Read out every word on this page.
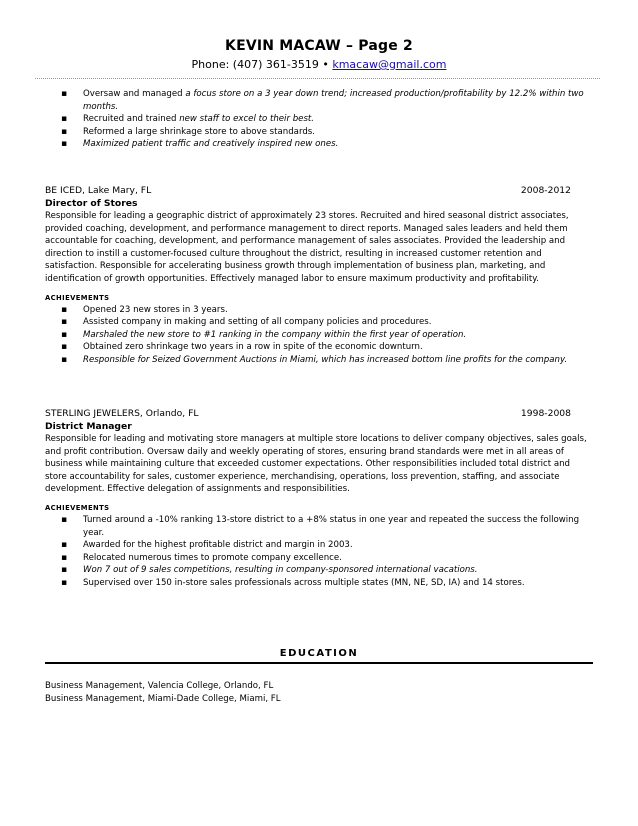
KEVIN MACAW – Page 2
Phone: (407) 361-3519 • kmacaw@gmail.com
▪ Oversaw and managed a focus store on a 3 year down trend; increased production/profitability by 12.2% within two months.
▪ Recruited and trained new staff to excel to their best.
▪ Reformed a large shrinkage store to above standards.
▪ Maximized patient traffic and creatively inspired new ones.
BE ICED, Lake Mary, FL	2008-2012
Director of Stores
Responsible for leading a geographic district of approximately 23 stores. Recruited and hired seasonal district associates, provided coaching, development, and performance management to direct reports. Managed sales leaders and held them accountable for coaching, development, and performance management of sales associates. Provided the leadership and direction to instill a customer-focused culture throughout the district, resulting in increased customer retention and satisfaction. Responsible for accelerating business growth through implementation of business plan, marketing, and identification of growth opportunities. Effectively managed labor to ensure maximum productivity and profitability.
ACHIEVEMENTS
▪ Opened 23 new stores in 3 years.
▪ Assisted company in making and setting of all company policies and procedures.
▪ Marshaled the new store to #1 ranking in the company within the first year of operation.
▪ Obtained zero shrinkage two years in a row in spite of the economic downturn.
▪ Responsible for Seized Government Auctions in Miami, which has increased bottom line profits for the company.
STERLING JEWELERS, Orlando, FL	1998-2008
District Manager
Responsible for leading and motivating store managers at multiple store locations to deliver company objectives, sales goals, and profit contribution. Oversaw daily and weekly operating of stores, ensuring brand standards were met in all areas of business while maintaining culture that exceeded customer expectations. Other responsibilities included total district and store accountability for sales, customer experience, merchandising, operations, loss prevention, staffing, and associate development. Effective delegation of assignments and responsibilities.
ACHIEVEMENTS
▪ Turned around a -10% ranking 13-store district to a +8% status in one year and repeated the success the following year.
▪ Awarded for the highest profitable district and margin in 2003.
▪ Relocated numerous times to promote company excellence.
▪ Won 7 out of 9 sales competitions, resulting in company-sponsored international vacations.
▪ Supervised over 150 in-store sales professionals across multiple states (MN, NE, SD, IA) and 14 stores.
EDUCATION
Business Management, Valencia College, Orlando, FL
Business Management, Miami-Dade College, Miami, FL
